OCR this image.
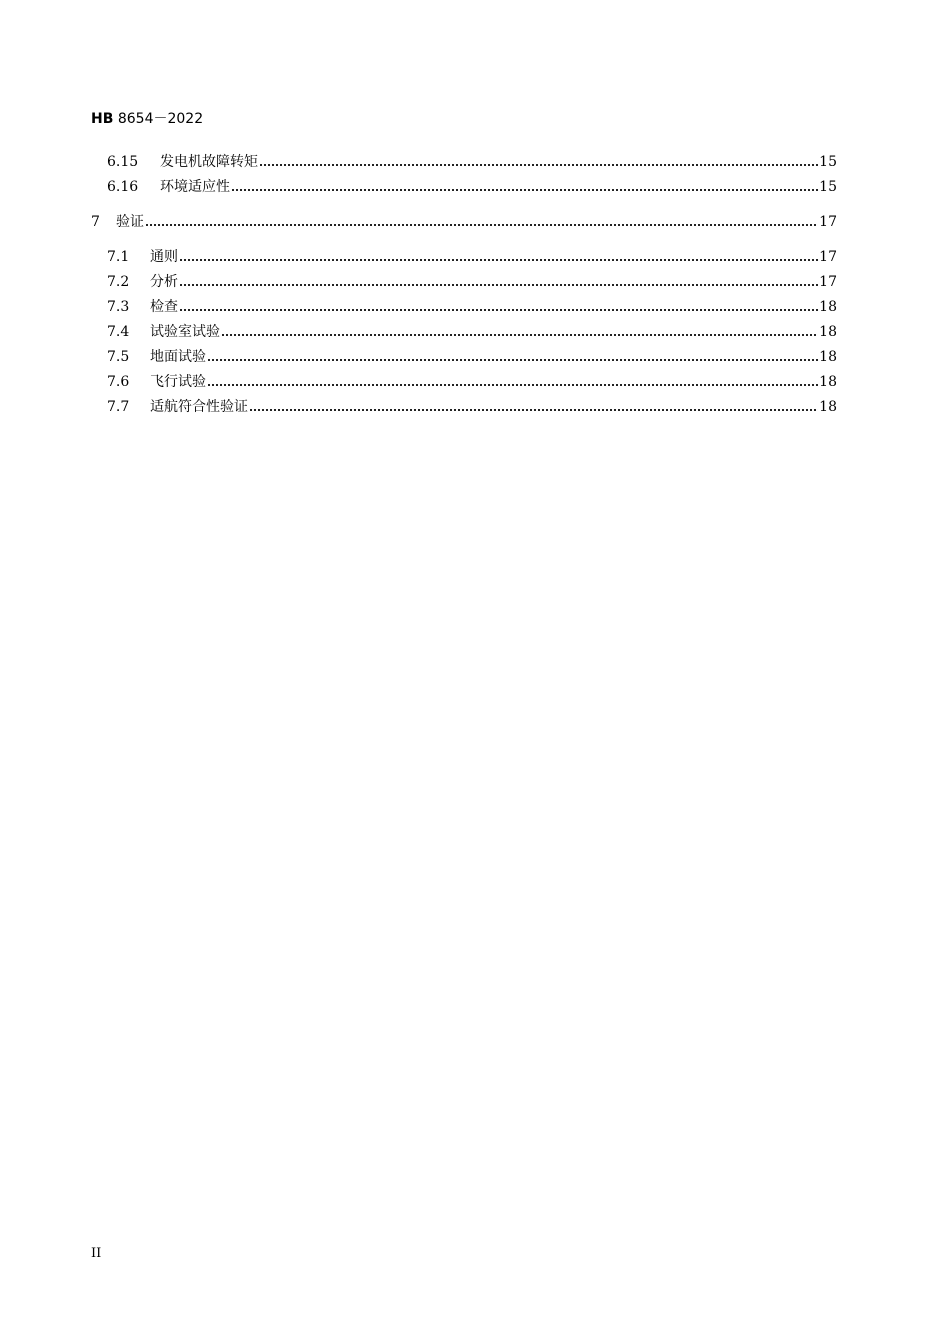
HB 8654－2022
6.15	发电机故障转矩	15
6.16	环境适应性	15
7	验证	17
7.1	通则	17
7.2	分析	17
7.3	检查	18
7.4	试验室试验	18
7.5	地面试验	18
7.6	飞行试验	18
7.7	适航符合性验证	18
II
